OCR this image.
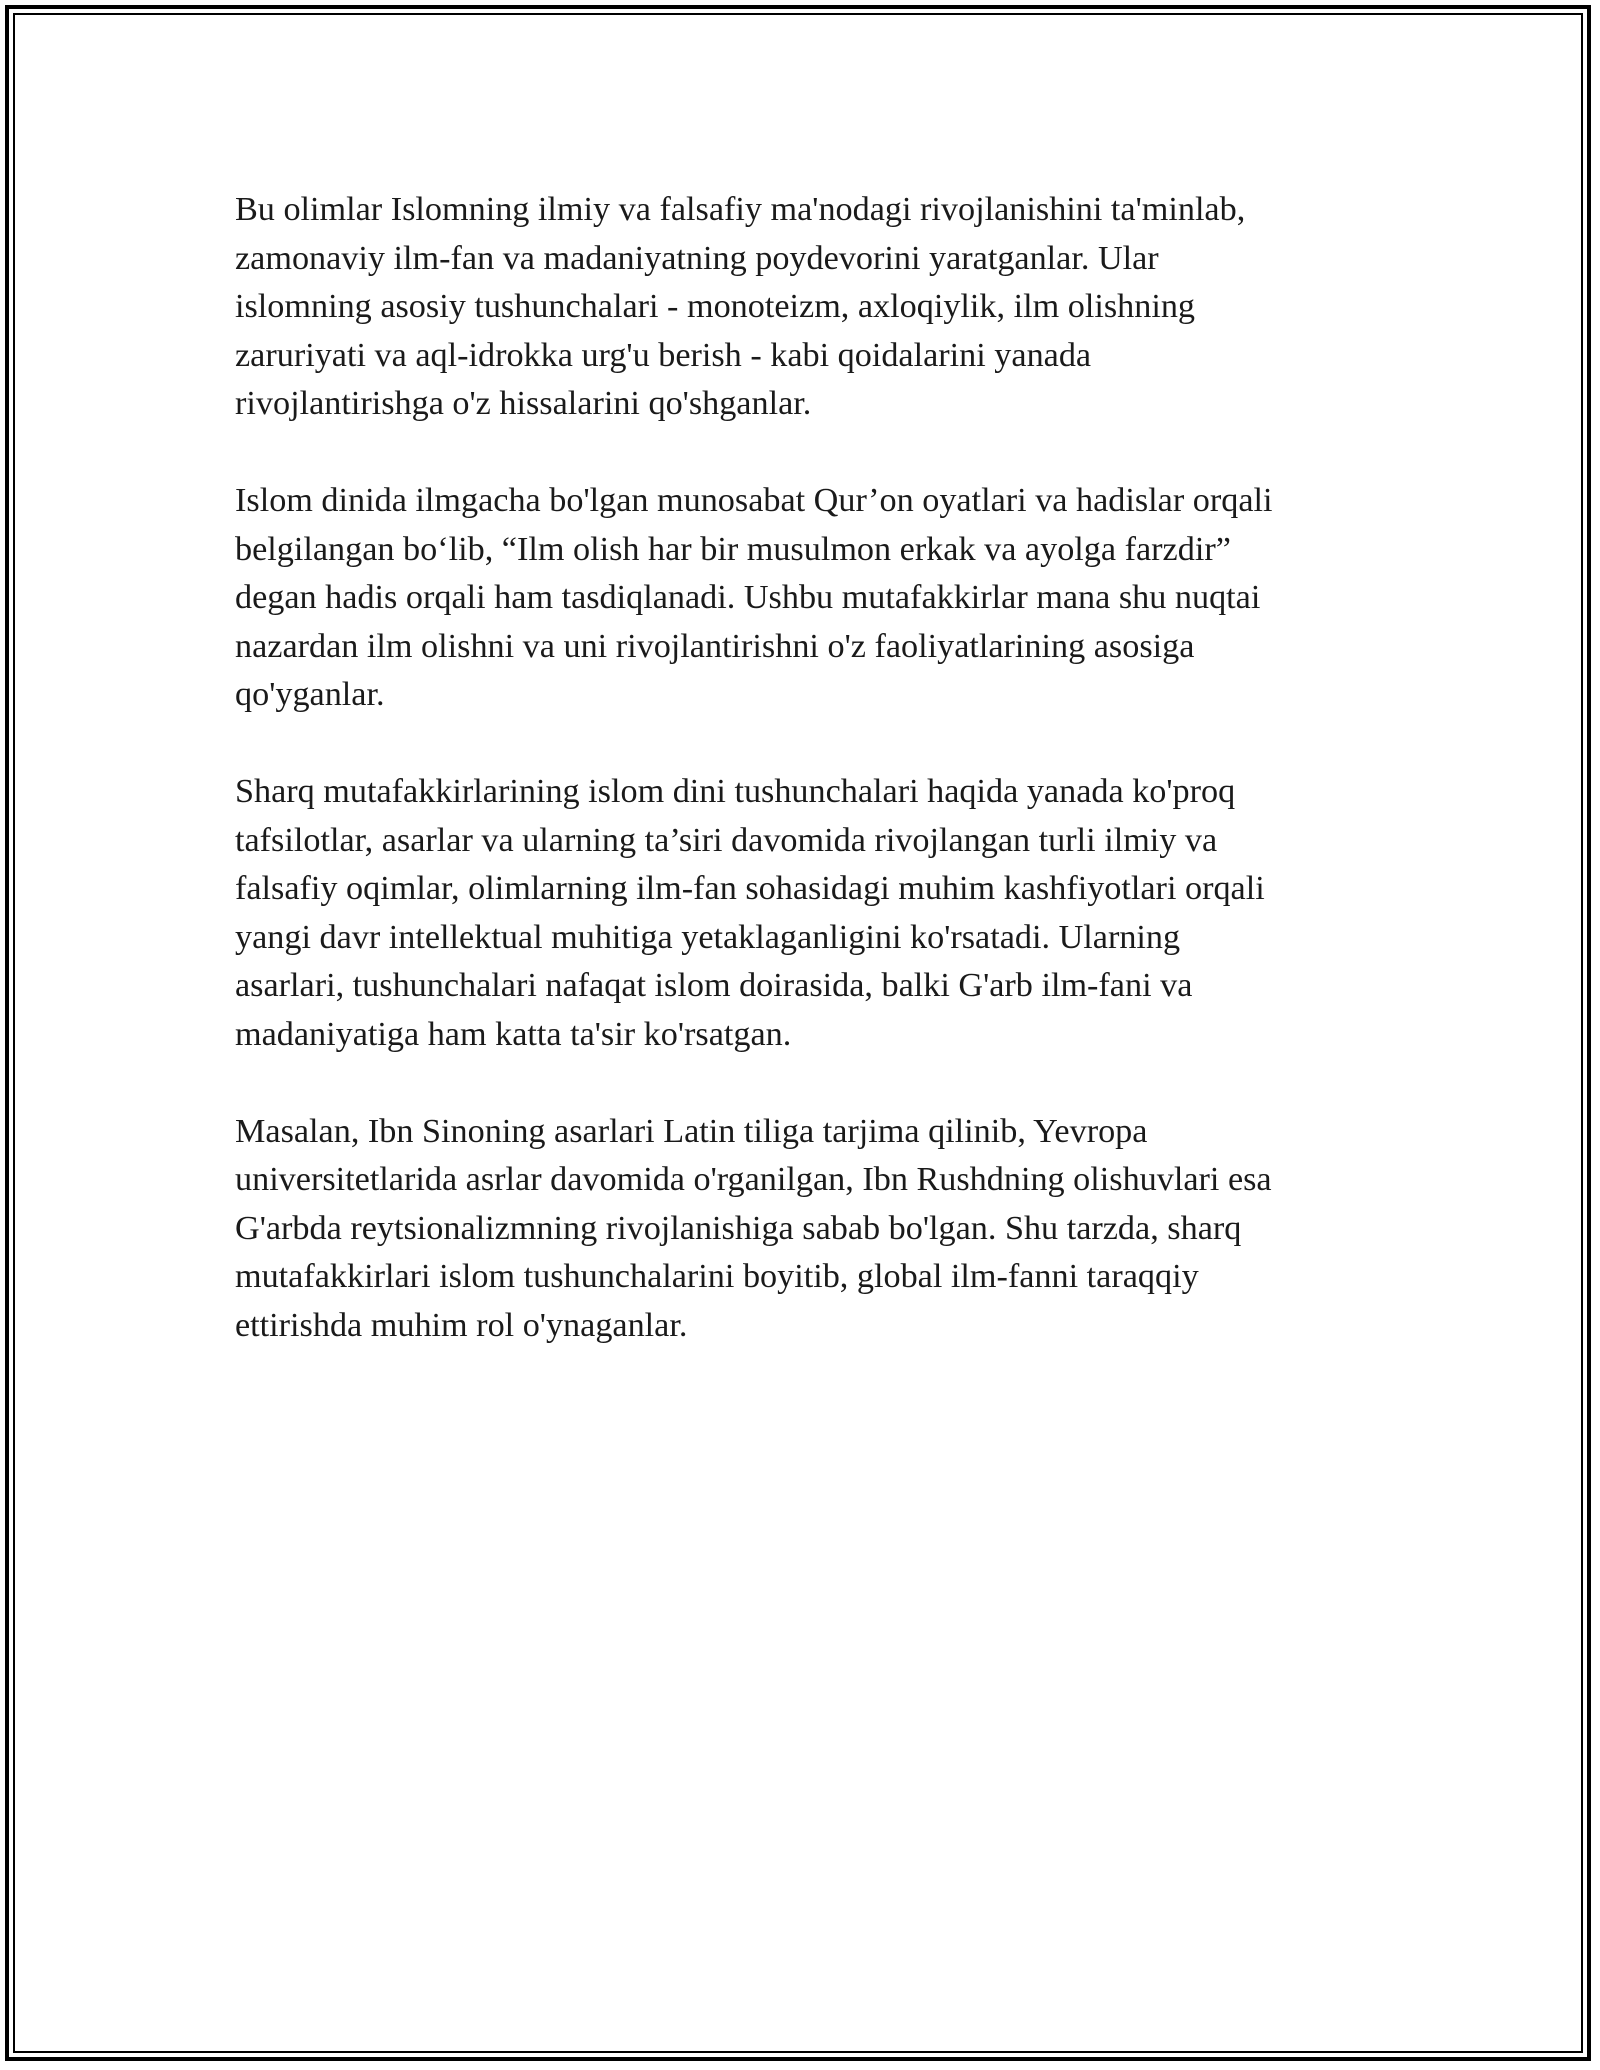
Bu olimlar Islomning ilmiy va falsafiy ma'nodagi rivojlanishini ta'minlab,
zamonaviy ilm-fan va madaniyatning poydevorini yaratganlar. Ular
islomning asosiy tushunchalari - monoteizm, axloqiylik, ilm olishning
zaruriyati va aql-idrokka urg'u berish - kabi qoidalarini yanada
rivojlantirishga o'z hissalarini qo'shganlar.

Islom dinida ilmgacha bo'lgan munosabat Qur’on oyatlari va hadislar orqali
belgilangan bo‘lib, “Ilm olish har bir musulmon erkak va ayolga farzdir”
degan hadis orqali ham tasdiqlanadi. Ushbu mutafakkirlar mana shu nuqtai
nazardan ilm olishni va uni rivojlantirishni o'z faoliyatlarining asosiga
qo'yganlar.

Sharq mutafakkirlarining islom dini tushunchalari haqida yanada ko'proq
tafsilotlar, asarlar va ularning ta’siri davomida rivojlangan turli ilmiy va
falsafiy oqimlar, olimlarning ilm-fan sohasidagi muhim kashfiyotlari orqali
yangi davr intellektual muhitiga yetaklaganligini ko'rsatadi. Ularning
asarlari, tushunchalari nafaqat islom doirasida, balki G'arb ilm-fani va
madaniyatiga ham katta ta'sir ko'rsatgan.

Masalan, Ibn Sinoning asarlari Latin tiliga tarjima qilinib, Yevropa
universitetlarida asrlar davomida o'rganilgan, Ibn Rushdning olishuvlari esa
G'arbda reytsionalizmning rivojlanishiga sabab bo'lgan. Shu tarzda, sharq
mutafakkirlari islom tushunchalarini boyitib, global ilm-fanni taraqqiy
ettirishda muhim rol o'ynaganlar.
